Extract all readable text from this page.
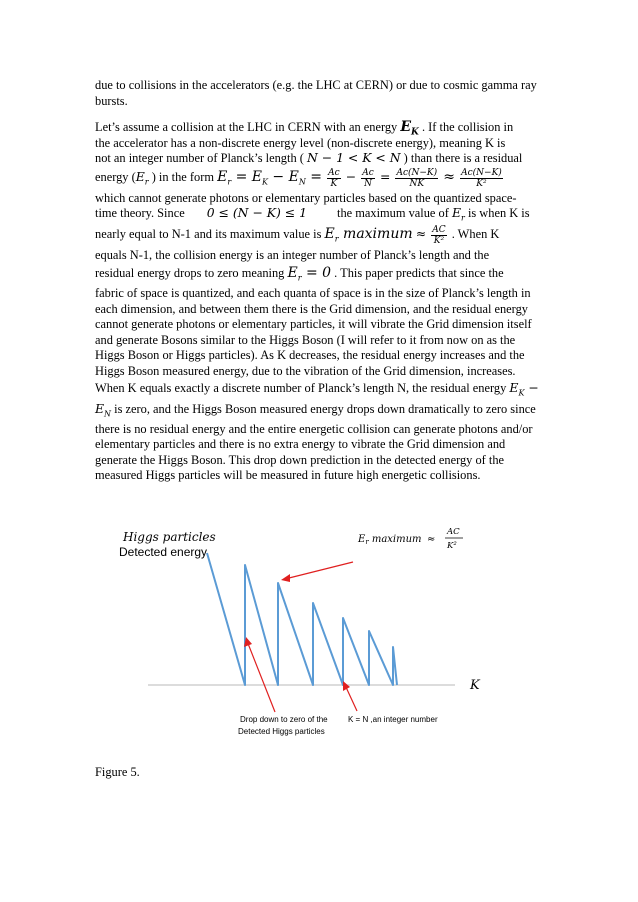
due to collisions in the accelerators (e.g. the LHC at CERN) or due to cosmic gamma ray bursts.

Let’s assume a collision at the LHC in CERN with an energy $E_K$ . If the collision in
the accelerator has a non-discrete energy level (non-discrete energy), meaning K is
not an integer number of Planck’s length ( N − 1 < K < N ) than there is a residual
energy ($E_r$ ) in the form $E_r = E_K - E_N = \frac{Ac}{K} - \frac{Ac}{N} = \frac{Ac(N-K)}{NK} \approx \frac{Ac(N-K)}{\text{K²}}$
which cannot generate photons or elementary particles based on the quantized space-
time theory. Since 0 ≤ (N − K) ≤ 1 the maximum value of $E_r$ is when K is
nearly equal to N-1 and its maximum value is $E_r$ maximum ≈ $\frac{AC}{\text{K²}}$ . When K
equals N-1, the collision energy is an integer number of Planck’s length and the
residual energy drops to zero meaning $E_r = 0$ . This paper predicts that since the

fabric of space is quantized, and each quanta of space is in the size of Planck’s length in each dimension, and between them there is the Grid dimension, and the residual energy cannot generate photons or elementary particles, it will vibrate the Grid dimension itself and generate Bosons similar to the Higgs Boson (I will refer to it from now on as the Higgs Boson or Higgs particles). As K decreases, the residual energy increases and the Higgs Boson measured energy, due to the vibration of the Grid dimension, increases. When K equals exactly a discrete number of Planck’s length N, the residual energy $E_K - E_N$ is zero, and the Higgs Boson measured energy drops down dramatically to zero since there is no residual energy and the entire energetic collision can generate photons and/or elementary particles and there is no extra energy to vibrate the Grid dimension and generate the Higgs Boson. This drop down prediction in the detected energy of the measured Higgs particles will be measured in future high energetic collisions.

Higgs particles
Detected energy
K
$E_r$ maximum ≈
AC
K²
Drop down to zero of the
Detected Higgs particles
K = N ,an integer number
Figure 5.
